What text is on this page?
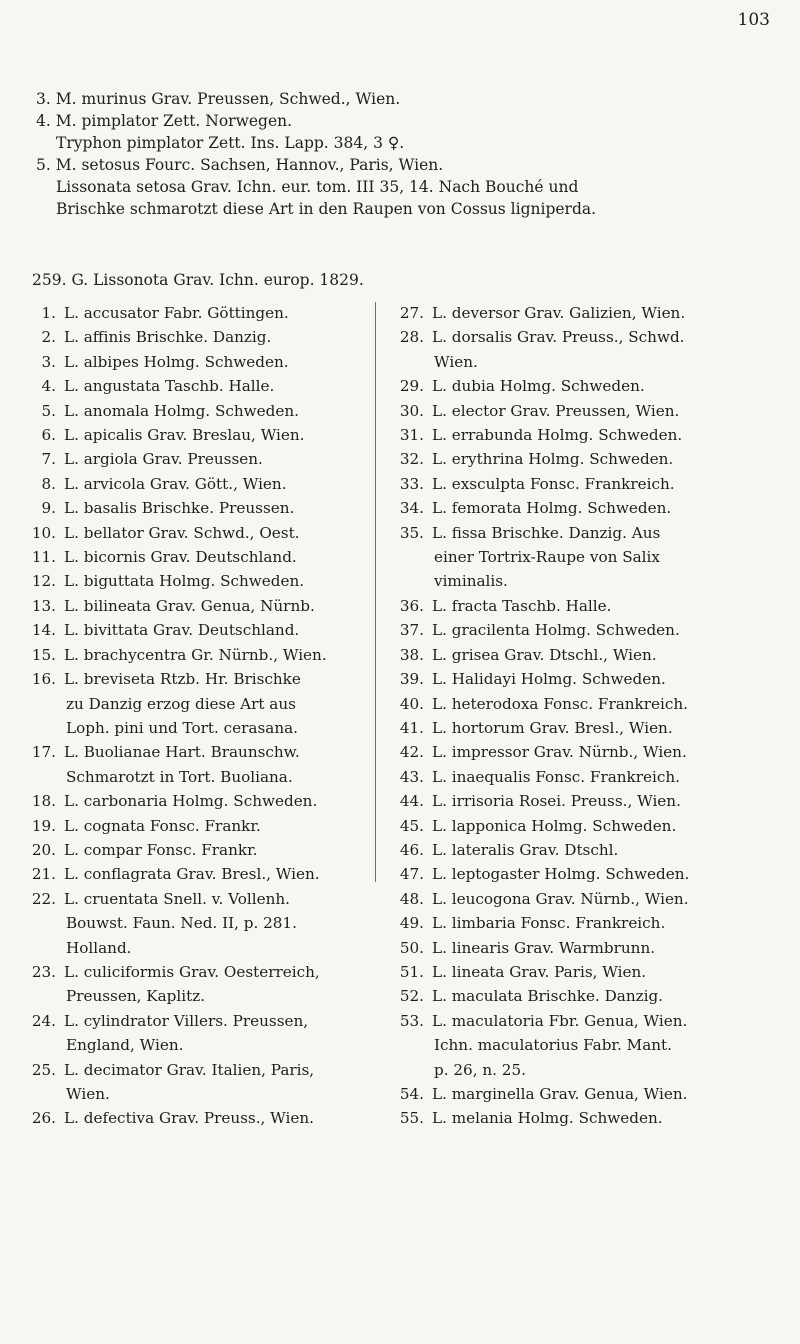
103
3. M. murinus Grav. Preussen, Schwed., Wien.
4. M. pimplator Zett. Norwegen.
Tryphon pimplator Zett. Ins. Lapp. 384, 3 ♀.
5. M. setosus Fourc. Sachsen, Hannov., Paris, Wien.
Lissonata setosa Grav. Ichn. eur. tom. III 35, 14. Nach Bouché und
Brischke schmarotzt diese Art in den Raupen von Cossus ligniperda.
259. G. Lissonota Grav. Ichn. europ. 1829.
1. L. accusator Fabr. Göttingen.
2. L. affinis Brischke. Danzig.
3. L. albipes Holmg. Schweden.
4. L. angustata Taschb. Halle.
5. L. anomala Holmg. Schweden.
6. L. apicalis Grav. Breslau, Wien.
7. L. argiola Grav. Preussen.
8. L. arvicola Grav. Gött., Wien.
9. L. basalis Brischke. Preussen.
10. L. bellator Grav. Schwd., Oest.
11. L. bicornis Grav. Deutschland.
12. L. biguttata Holmg. Schweden.
13. L. bilineata Grav. Genua, Nürnb.
14. L. bivittata Grav. Deutschland.
15. L. brachycentra Gr. Nürnb., Wien.
16. L. breviseta Rtzb. Hr. Brischke
zu Danzig erzog diese Art aus
Loph. pini und Tort. cerasana.
17. L. Buolianae Hart. Braunschw.
Schmarotzt in Tort. Buoliana.
18. L. carbonaria Holmg. Schweden.
19. L. cognata Fonsc. Frankr.
20. L. compar Fonsc. Frankr.
21. L. conflagrata Grav. Bresl., Wien.
22. L. cruentata Snell. v. Vollenh.
Bouwst. Faun. Ned. II, p. 281.
Holland.
23. L. culiciformis Grav. Oesterreich,
Preussen, Kaplitz.
24. L. cylindrator Villers. Preussen,
England, Wien.
25. L. decimator Grav. Italien, Paris,
Wien.
26. L. defectiva Grav. Preuss., Wien.
27. L. deversor Grav. Galizien, Wien.
28. L. dorsalis Grav. Preuss., Schwd.
Wien.
29. L. dubia Holmg. Schweden.
30. L. elector Grav. Preussen, Wien.
31. L. errabunda Holmg. Schweden.
32. L. erythrina Holmg. Schweden.
33. L. exsculpta Fonsc. Frankreich.
34. L. femorata Holmg. Schweden.
35. L. fissa Brischke. Danzig. Aus
einer Tortrix-Raupe von Salix
viminalis.
36. L. fracta Taschb. Halle.
37. L. gracilenta Holmg. Schweden.
38. L. grisea Grav. Dtschl., Wien.
39. L. Halidayi Holmg. Schweden.
40. L. heterodoxa Fonsc. Frankreich.
41. L. hortorum Grav. Bresl., Wien.
42. L. impressor Grav. Nürnb., Wien.
43. L. inaequalis Fonsc. Frankreich.
44. L. irrisoria Rosei. Preuss., Wien.
45. L. lapponica Holmg. Schweden.
46. L. lateralis Grav. Dtschl.
47. L. leptogaster Holmg. Schweden.
48. L. leucogona Grav. Nürnb., Wien.
49. L. limbaria Fonsc. Frankreich.
50. L. linearis Grav. Warmbrunn.
51. L. lineata Grav. Paris, Wien.
52. L. maculata Brischke. Danzig.
53. L. maculatoria Fbr. Genua, Wien.
Ichn. maculatorius Fabr. Mant.
p. 26, n. 25.
54. L. marginella Grav. Genua, Wien.
55. L. melania Holmg. Schweden.
